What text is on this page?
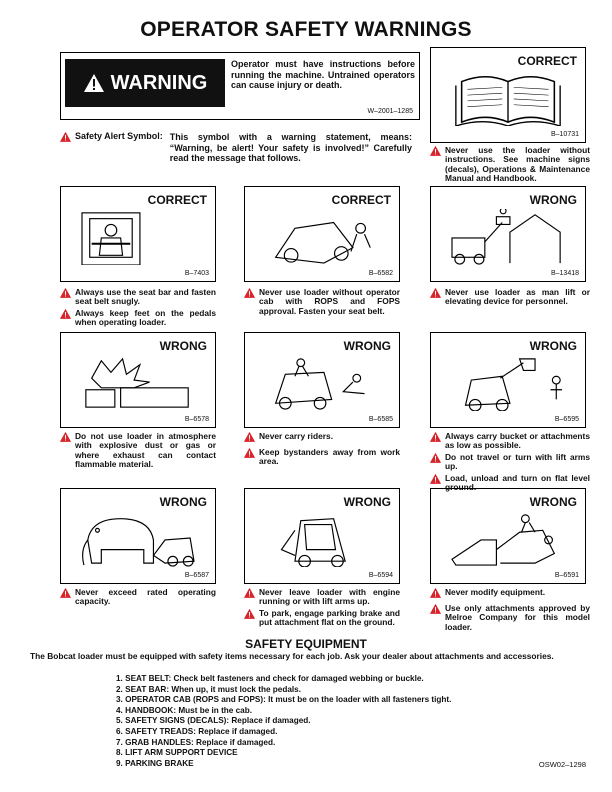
OPERATOR SAFETY WARNINGS
WARNING
Operator must have instructions before running the machine. Untrained operators can cause injury or death.
W–2001–1285
Safety Alert Symbol: This symbol with a warning statement, means: “Warning, be alert! Your safety is involved!” Carefully read the message that follows.
CORRECT
B–10731
Never use the loader without instructions. See machine signs (decals), Operations & Maintenance Manual and Handbook.
CORRECT
B–7403
Always use the seat bar and fasten seat belt snugly.
Always keep feet on the pedals when operating loader.
CORRECT
B–6582
Never use loader without operator cab with ROPS and FOPS approval. Fasten your seat belt.
WRONG
B–13418
Never use loader as man lift or elevating device for personnel.
WRONG
B–6578
Do not use loader in atmosphere with explosive dust or gas or where exhaust can contact flammable material.
WRONG
B–6585
Never carry riders.
Keep bystanders away from work area.
WRONG
B–6595
Always carry bucket or attachments as low as possible.
Do not travel or turn with lift arms up.
Load, unload and turn on flat level ground.
WRONG
B–6587
Never exceed rated operating capacity.
WRONG
B–6594
Never leave loader with engine running or with lift arms up.
To park, engage parking brake and put attachment flat on the ground.
WRONG
B–6591
Never modify equipment.
Use only attachments approved by Melroe Company for this model loader.
SAFETY EQUIPMENT
The Bobcat loader must be equipped with safety items necessary for each job. Ask your dealer about attachments and accessories.
1. SEAT BELT: Check belt fasteners and check for damaged webbing or buckle.
2. SEAT BAR: When up, it must lock the pedals.
3. OPERATOR CAB (ROPS and FOPS): It must be on the loader with all fasteners tight.
4. HANDBOOK: Must be in the cab.
5. SAFETY SIGNS (DECALS): Replace if damaged.
6. SAFETY TREADS: Replace if damaged.
7. GRAB HANDLES: Replace if damaged.
8. LIFT ARM SUPPORT DEVICE
9. PARKING BRAKE	OSW02–1298
